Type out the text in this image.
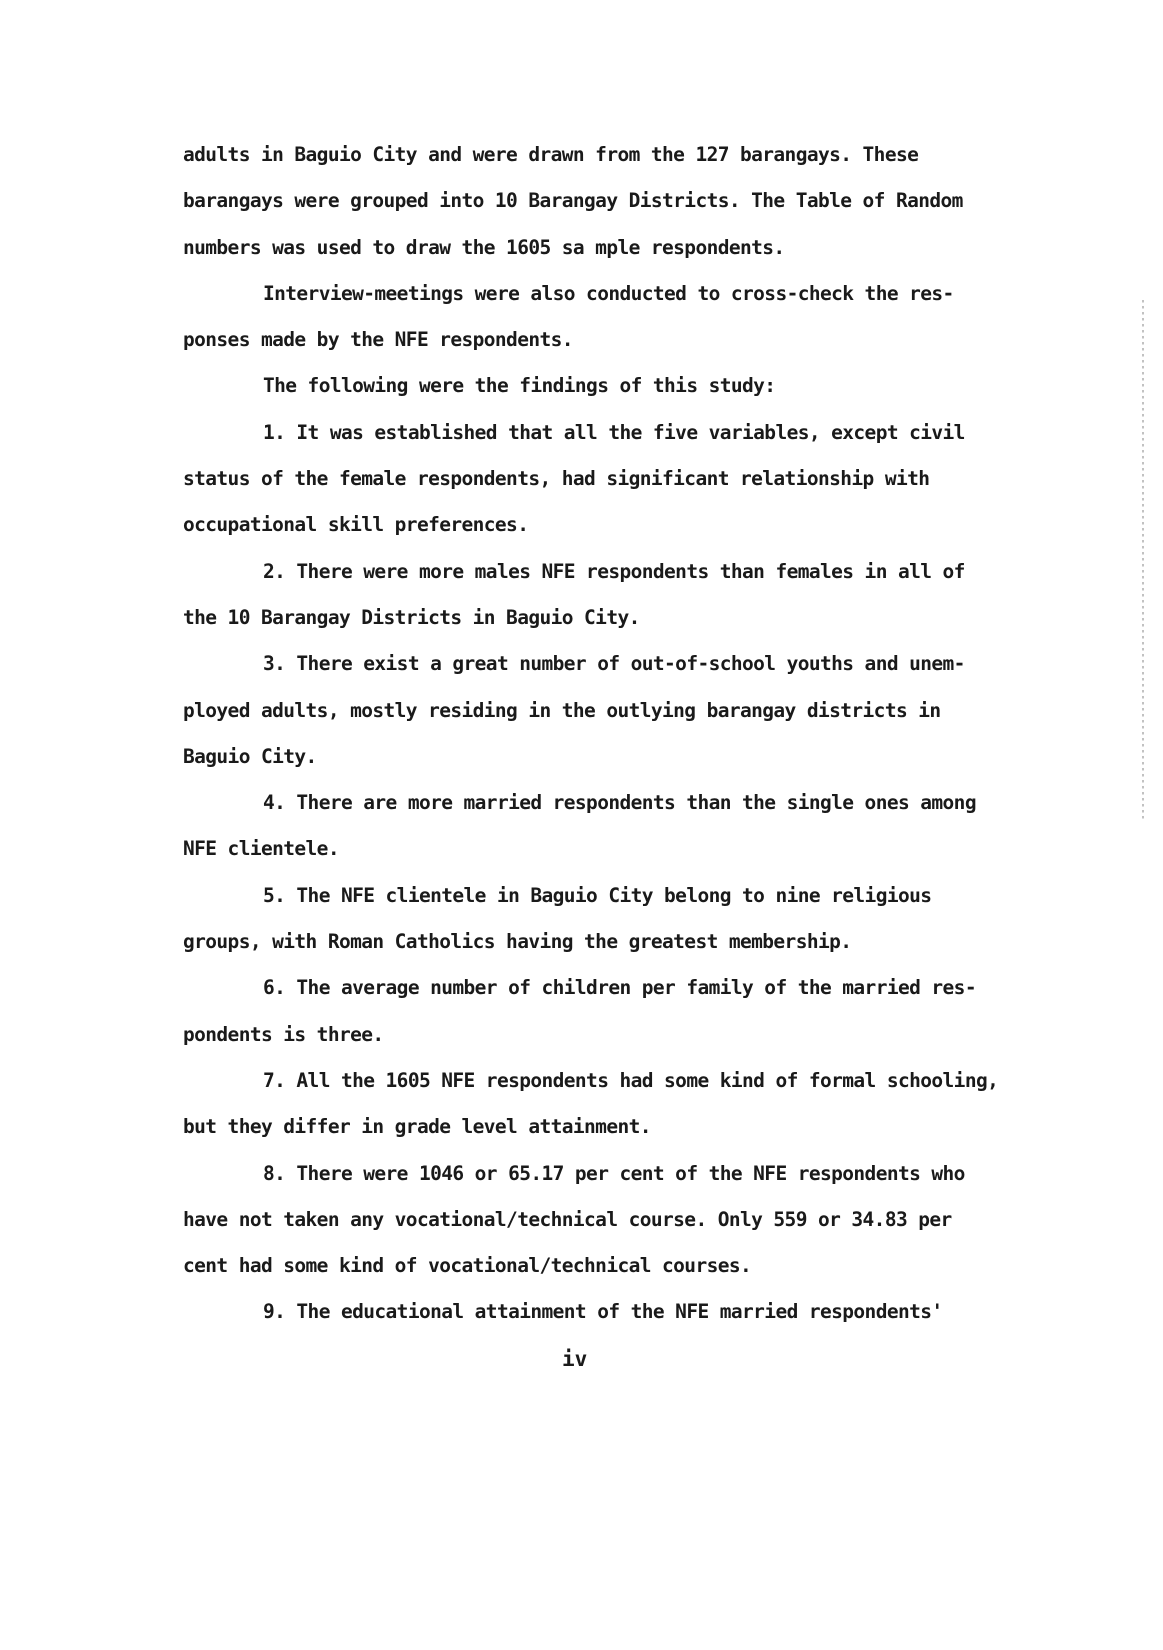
adults in Baguio City and were drawn from the 127 barangays. These
barangays were grouped into 10 Barangay Districts. The Table of Random
numbers was used to draw the 1605 sa mple respondents.
Interview-meetings were also conducted to cross-check the res-
ponses made by the NFE respondents.
The following were the findings of this study:
1. It was established that all the five variables, except civil
status of the female respondents, had significant relationship with
occupational skill preferences.
2. There were more males NFE respondents than females in all of
the 10 Barangay Districts in Baguio City.
3. There exist a great number of out-of-school youths and unem-
ployed adults, mostly residing in the outlying barangay districts in
Baguio City.
4. There are more married respondents than the single ones among
NFE clientele.
5. The NFE clientele in Baguio City belong to nine religious
groups, with Roman Catholics having the greatest membership.
6. The average number of children per family of the married res-
pondents is three.
7. All the 1605 NFE respondents had some kind of formal schooling,
but they differ in grade level attainment.
8. There were 1046 or 65.17 per cent of the NFE respondents who
have not taken any vocational/technical course. Only 559 or 34.83 per
cent had some kind of vocational/technical courses.
9. The educational attainment of the NFE married respondents'
iv
